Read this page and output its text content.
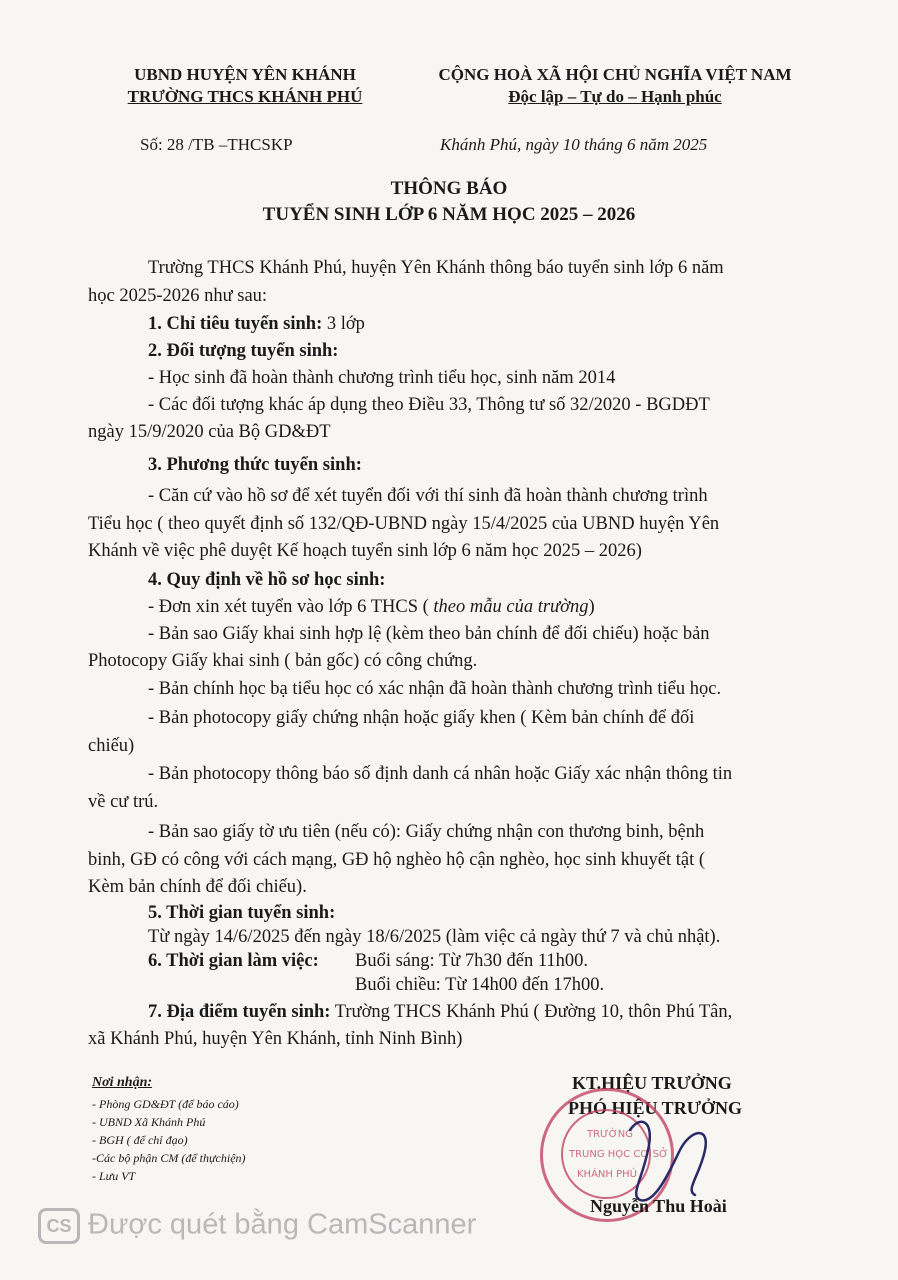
UBND HUYỆN YÊN KHÁNH
TRƯỜNG THCS KHÁNH PHÚ
CỘNG HOÀ XÃ HỘI CHỦ NGHĨA VIỆT NAM
Độc lập – Tự do – Hạnh phúc
Số: 28 /TB –THCSKP	Khánh Phú, ngày 10 tháng 6 năm 2025
THÔNG BÁO
TUYỂN SINH LỚP 6 NĂM HỌC 2025 – 2026
Trường THCS Khánh Phú, huyện Yên Khánh thông báo tuyển sinh lớp 6 năm
học 2025-2026 như sau:
1. Chỉ tiêu tuyển sinh: 3 lớp
2. Đối tượng tuyển sinh:
- Học sinh đã hoàn thành chương trình tiểu học, sinh năm 2014
- Các đối tượng khác áp dụng theo Điều 33, Thông tư số 32/2020 - BGDĐT
ngày 15/9/2020 của Bộ GD&ĐT
3. Phương thức tuyển sinh:
- Căn cứ vào hồ sơ để xét tuyển đối với thí sinh đã hoàn thành chương trình
Tiểu học ( theo quyết định số 132/QĐ-UBND ngày 15/4/2025 của UBND huyện Yên
Khánh về việc phê duyệt Kế hoạch tuyển sinh lớp 6 năm học 2025 – 2026)
4. Quy định về hồ sơ học sinh:
- Đơn xin xét tuyển vào lớp 6 THCS ( theo mẫu của trường)
- Bản sao Giấy khai sinh hợp lệ (kèm theo bản chính để đối chiếu) hoặc bản
Photocopy Giấy khai sinh ( bản gốc) có công chứng.
- Bản chính học bạ tiểu học có xác nhận đã hoàn thành chương trình tiểu học.
- Bản photocopy giấy chứng nhận hoặc giấy khen ( Kèm bản chính để đối
chiếu)
- Bản photocopy thông báo số định danh cá nhân hoặc Giấy xác nhận thông tin
về cư trú.
- Bản sao giấy tờ ưu tiên (nếu có): Giấy chứng nhận con thương binh, bệnh
binh, GĐ có công với cách mạng, GĐ hộ nghèo hộ cận nghèo, học sinh khuyết tật (
Kèm bản chính để đối chiếu).
5. Thời gian tuyển sinh:
Từ ngày 14/6/2025 đến ngày 18/6/2025 (làm việc cả ngày thứ 7 và chủ nhật).
6. Thời gian làm việc: Buổi sáng: Từ 7h30 đến 11h00.
Buổi chiều: Từ 14h00 đến 17h00.
7. Địa điểm tuyển sinh: Trường THCS Khánh Phú ( Đường 10, thôn Phú Tân,
xã Khánh Phú, huyện Yên Khánh, tỉnh Ninh Bình)
Nơi nhận:
- Phòng GD&ĐT (để báo cáo)
- UBND Xã Khánh Phú
- BGH ( để chỉ đạo)
-Các bộ phận CM (để thựchiện)
- Lưu VT
KT.HIỆU TRƯỞNG
PHÓ HIỆU TRƯỞNG
TRƯỜNG
TRUNG HỌC CƠ SỞ
KHÁNH PHÚ
Nguyễn Thu Hoài
CS Được quét bằng CamScanner
